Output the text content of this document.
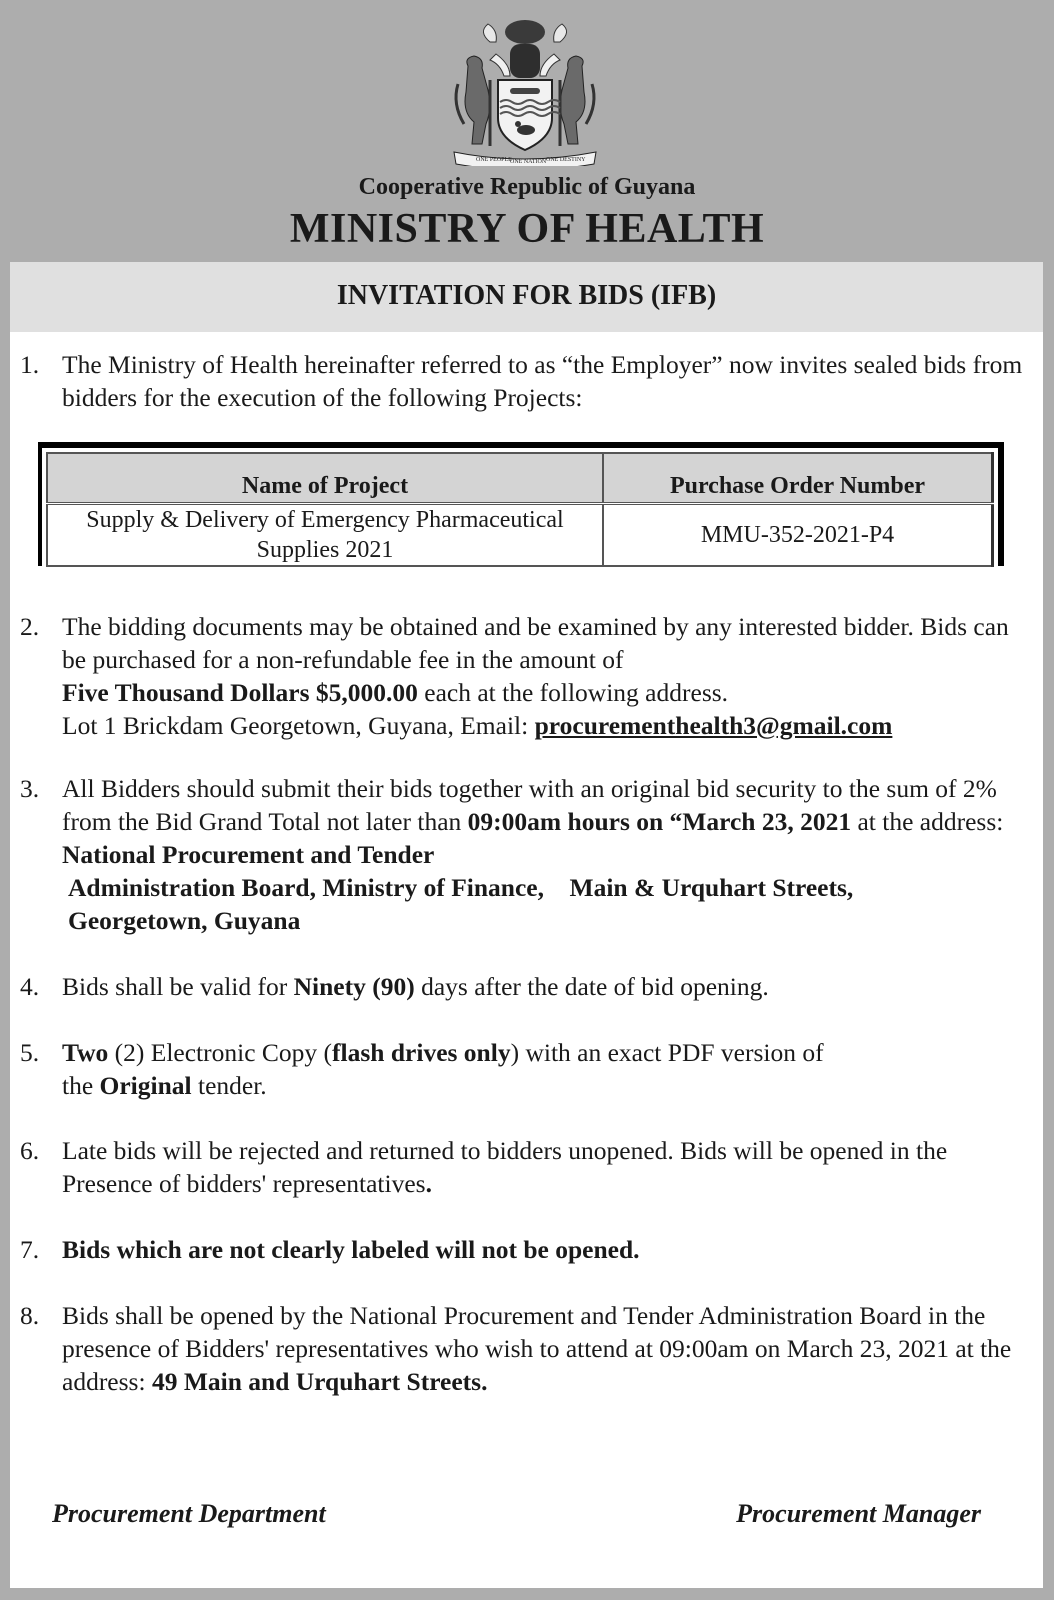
ONE PEOPLE
ONE NATION ONE DESTINY
Cooperative Republic of Guyana
MINISTRY OF HEALTH
INVITATION FOR BIDS (IFB)
1. The Ministry of Health hereinafter referred to as “the Employer” now invites sealed bids from bidders for the execution of the following Projects:
Name of Project	Purchase Order Number
Supply & Delivery of Emergency Pharmaceutical
Supplies 2021	MMU-352-2021-P4
2. The bidding documents may be obtained and be examined by any interested bidder. Bids can be purchased for a non-refundable fee in the amount of
Five Thousand Dollars $5,000.00 each at the following address.
Lot 1 Brickdam Georgetown, Guyana, Email: procurementhealth3@gmail.com
3. All Bidders should submit their bids together with an original bid security to the sum of 2% from the Bid Grand Total not later than 09:00am hours on “March 23, 2021 at the address: National Procurement and Tender
Administration Board, Ministry of Finance,    Main & Urquhart Streets,
Georgetown, Guyana
4. Bids shall be valid for Ninety (90) days after the date of bid opening.
5. Two (2) Electronic Copy (flash drives only) with an exact PDF version of
the Original tender.
6. Late bids will be rejected and returned to bidders unopened. Bids will be opened in the Presence of bidders' representatives.
7. Bids which are not clearly labeled will not be opened.
8. Bids shall be opened by the National Procurement and Tender Administration Board in the presence of Bidders' representatives who wish to attend at 09:00am on March 23, 2021 at the address: 49 Main and Urquhart Streets.
Procurement Department	Procurement Manager
